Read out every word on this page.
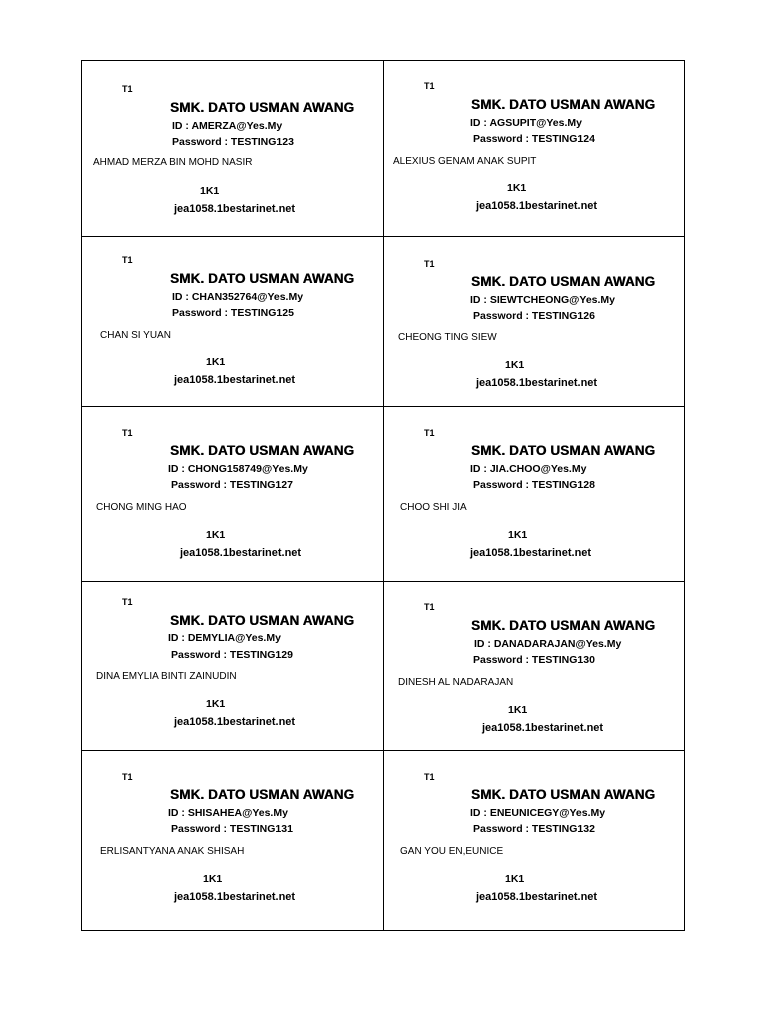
T1
SMK. DATO USMAN AWANG
ID : AMERZA@Yes.My
Password : TESTING123
AHMAD MERZA BIN MOHD NASIR
1K1
jea1058.1bestarinet.net
T1
SMK. DATO USMAN AWANG
ID : AGSUPIT@Yes.My
Password : TESTING124
ALEXIUS GENAM ANAK SUPIT
1K1
jea1058.1bestarinet.net
T1
SMK. DATO USMAN AWANG
ID : CHAN352764@Yes.My
Password : TESTING125
CHAN SI YUAN
1K1
jea1058.1bestarinet.net
T1
SMK. DATO USMAN AWANG
ID : SIEWTCHEONG@Yes.My
Password : TESTING126
CHEONG TING SIEW
1K1
jea1058.1bestarinet.net
T1
SMK. DATO USMAN AWANG
ID : CHONG158749@Yes.My
Password : TESTING127
CHONG MING HAO
1K1
jea1058.1bestarinet.net
T1
SMK. DATO USMAN AWANG
ID : JIA.CHOO@Yes.My
Password : TESTING128
CHOO SHI JIA
1K1
jea1058.1bestarinet.net
T1
SMK. DATO USMAN AWANG
ID : DEMYLIA@Yes.My
Password : TESTING129
DINA EMYLIA BINTI ZAINUDIN
1K1
jea1058.1bestarinet.net
T1
SMK. DATO USMAN AWANG
ID : DANADARAJAN@Yes.My
Password : TESTING130
DINESH AL NADARAJAN
1K1
jea1058.1bestarinet.net
T1
SMK. DATO USMAN AWANG
ID : SHISAHEA@Yes.My
Password : TESTING131
ERLISANTYANA ANAK SHISAH
1K1
jea1058.1bestarinet.net
T1
SMK. DATO USMAN AWANG
ID : ENEUNICEGY@Yes.My
Password : TESTING132
GAN YOU EN,EUNICE
1K1
jea1058.1bestarinet.net
